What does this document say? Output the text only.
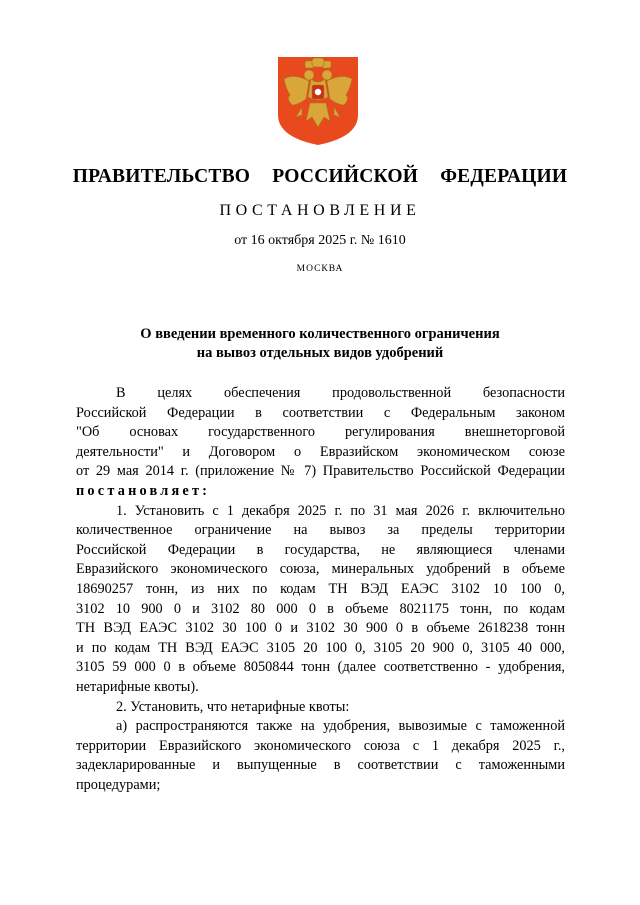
ПРАВИТЕЛЬСТВО  РОССИЙСКОЙ  ФЕДЕРАЦИИ
ПОСТАНОВЛЕНИЕ
от 16 октября 2025 г. № 1610
МОСКВА
О введении временного количественного ограничения
на вывоз отдельных видов удобрений
В целях обеспечения продовольственной безопасности
Российской Федерации в соответствии с Федеральным законом
"Об основах государственного регулирования внешнеторговой
деятельности" и Договором о Евразийском экономическом союзе
от 29 мая 2014 г. (приложение № 7) Правительство Российской Федерации
постановляет:
1. Установить с 1 декабря 2025 г. по 31 мая 2026 г. включительно
количественное ограничение на вывоз за пределы территории
Российской Федерации в государства, не являющиеся членами
Евразийского экономического союза, минеральных удобрений в объеме
18690257 тонн, из них по кодам ТН ВЭД ЕАЭС 3102 10 100 0,
3102 10 900 0 и 3102 80 000 0 в объеме 8021175 тонн, по кодам
ТН ВЭД ЕАЭС 3102 30 100 0 и 3102 30 900 0 в объеме 2618238 тонн
и по кодам ТН ВЭД ЕАЭС 3105 20 100 0, 3105 20 900 0, 3105 40 000,
3105 59 000 0 в объеме 8050844 тонн (далее соответственно - удобрения,
нетарифные квоты).
2. Установить, что нетарифные квоты:
а) распространяются также на удобрения, вывозимые с таможенной
территории Евразийского экономического союза с 1 декабря 2025 г.,
задекларированные и выпущенные в соответствии с таможенными
процедурами;
